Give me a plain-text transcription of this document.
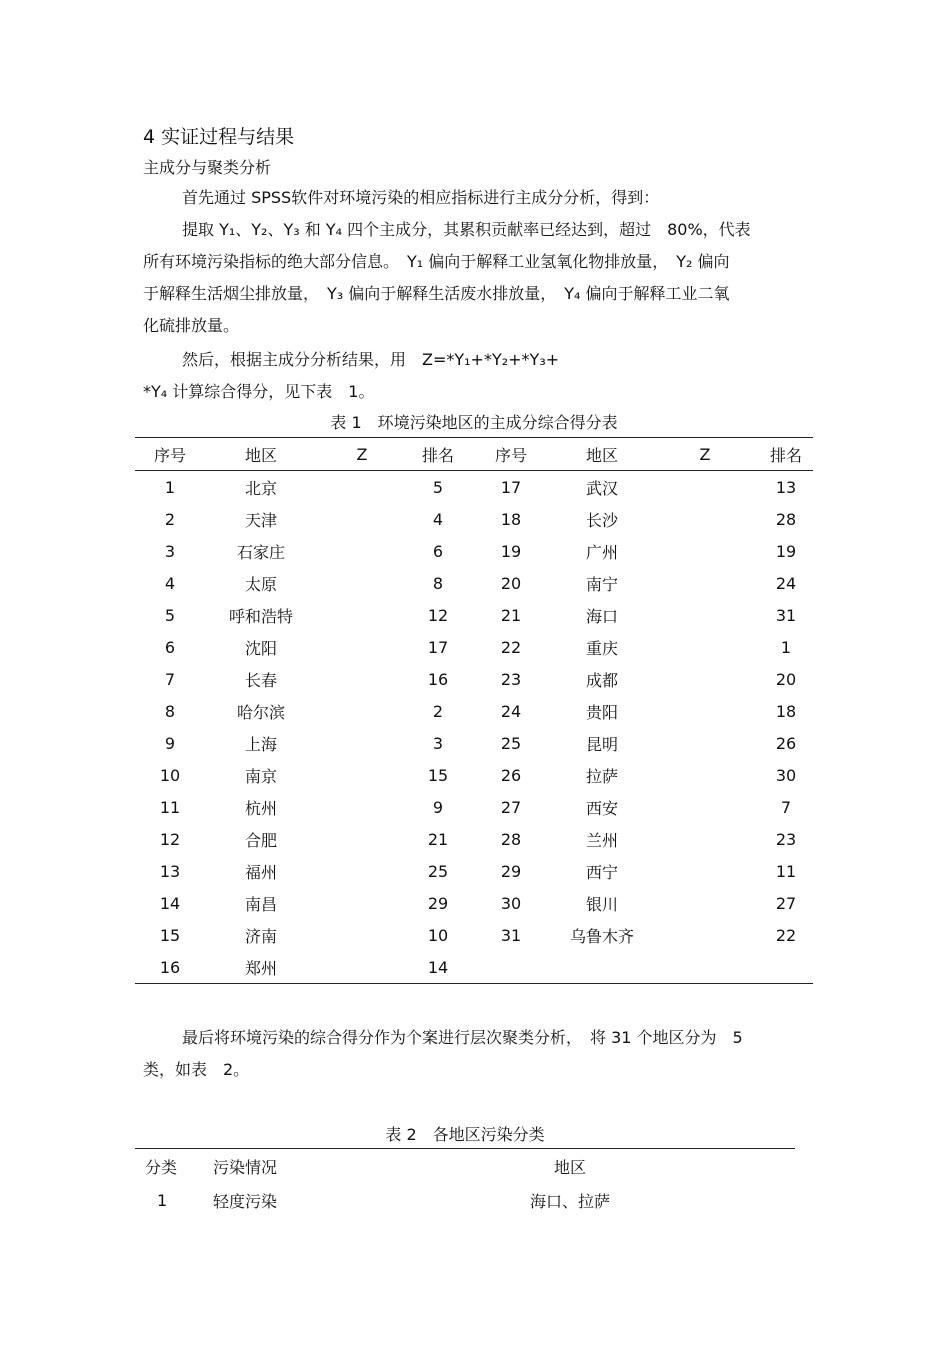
4 实证过程与结果
主成分与聚类分析
首先通过 SPSS软件对环境污染的相应指标进行主成分分析，得到：
提取 Y₁、Y₂、Y₃ 和 Y₄ 四个主成分，其累积贡献率已经达到，超过　80%，代表
所有环境污染指标的绝大部分信息。　Y₁ 偏向于解释工业氢氧化物排放量，　Y₂ 偏向
于解释生活烟尘排放量，　Y₃ 偏向于解释生活废水排放量，　Y₄ 偏向于解释工业二氧
化硫排放量。
然后，根据主成分分析结果，用　Z=*Y₁+*Y₂+*Y₃+
*Y₄ 计算综合得分，见下表　1。
表 1　环境污染地区的主成分综合得分表
序号	地区	Z	排名	序号	地区	Z	排名
1	北京		5	17	武汉		13
2	天津		4	18	长沙		28
3	石家庄		6	19	广州		19
4	太原		8	20	南宁		24
5	呼和浩特		12	21	海口		31
6	沈阳		17	22	重庆		1
7	长春		16	23	成都		20
8	哈尔滨		2	24	贵阳		18
9	上海		3	25	昆明		26
10	南京		15	26	拉萨		30
11	杭州		9	27	西安		7
12	合肥		21	28	兰州		23
13	福州		25	29	西宁		11
14	南昌		29	30	银川		27
15	济南		10	31	乌鲁木齐		22
16	郑州		14				
最后将环境污染的综合得分作为个案进行层次聚类分析，　将 31 个地区分为　5
类，如表　2。
表 2　各地区污染分类
分类	污染情况	地区
1	轻度污染	海口、拉萨
